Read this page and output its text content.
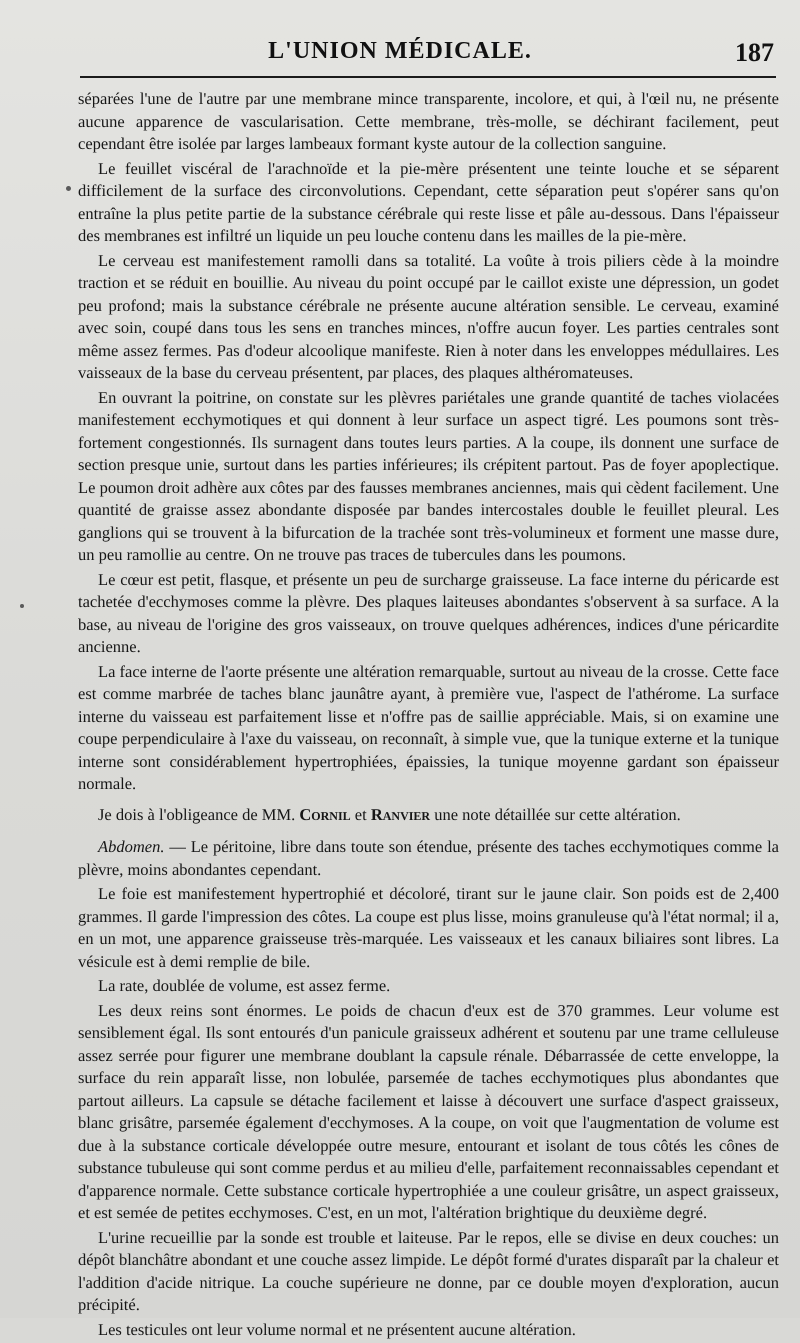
L'UNION MÉDICALE.	187

séparées l'une de l'autre par une membrane mince transparente, incolore, et qui, à l'œil nu, ne présente aucune apparence de vascularisation. Cette membrane, très-molle, se déchirant facilement, peut cependant être isolée par larges lambeaux formant kyste autour de la collection sanguine.

Le feuillet viscéral de l'arachnoïde et la pie-mère présentent une teinte louche et se séparent difficilement de la surface des circonvolutions. Cependant, cette séparation peut s'opérer sans qu'on entraîne la plus petite partie de la substance cérébrale qui reste lisse et pâle au-dessous. Dans l'épaisseur des membranes est infiltré un liquide un peu louche contenu dans les mailles de la pie-mère.

Le cerveau est manifestement ramolli dans sa totalité. La voûte à trois piliers cède à la moindre traction et se réduit en bouillie. Au niveau du point occupé par le caillot existe une dépression, un godet peu profond; mais la substance cérébrale ne présente aucune altération sensible. Le cerveau, examiné avec soin, coupé dans tous les sens en tranches minces, n'offre aucun foyer. Les parties centrales sont même assez fermes. Pas d'odeur alcoolique manifeste. Rien à noter dans les enveloppes médullaires. Les vaisseaux de la base du cerveau présentent, par places, des plaques althéromateuses.

En ouvrant la poitrine, on constate sur les plèvres pariétales une grande quantité de taches violacées manifestement ecchymotiques et qui donnent à leur surface un aspect tigré. Les poumons sont très-fortement congestionnés. Ils surnagent dans toutes leurs parties. A la coupe, ils donnent une surface de section presque unie, surtout dans les parties inférieures; ils crépitent partout. Pas de foyer apoplectique. Le poumon droit adhère aux côtes par des fausses membranes anciennes, mais qui cèdent facilement. Une quantité de graisse assez abondante disposée par bandes intercostales double le feuillet pleural. Les ganglions qui se trouvent à la bifurcation de la trachée sont très-volumineux et forment une masse dure, un peu ramollie au centre. On ne trouve pas traces de tubercules dans les poumons.

Le cœur est petit, flasque, et présente un peu de surcharge graisseuse. La face interne du péricarde est tachetée d'ecchymoses comme la plèvre. Des plaques laiteuses abondantes s'observent à sa surface. A la base, au niveau de l'origine des gros vaisseaux, on trouve quelques adhérences, indices d'une péricardite ancienne.

La face interne de l'aorte présente une altération remarquable, surtout au niveau de la crosse. Cette face est comme marbrée de taches blanc jaunâtre ayant, à première vue, l'aspect de l'athérome. La surface interne du vaisseau est parfaitement lisse et n'offre pas de saillie appréciable. Mais, si on examine une coupe perpendiculaire à l'axe du vaisseau, on reconnaît, à simple vue, que la tunique externe et la tunique interne sont considérablement hypertrophiées, épaissies, la tunique moyenne gardant son épaisseur normale.

Je dois à l'obligeance de MM. Cornil et Ranvier une note détaillée sur cette altération.

Abdomen. — Le péritoine, libre dans toute son étendue, présente des taches ecchymotiques comme la plèvre, moins abondantes cependant.

Le foie est manifestement hypertrophié et décoloré, tirant sur le jaune clair. Son poids est de 2,400 grammes. Il garde l'impression des côtes. La coupe est plus lisse, moins granuleuse qu'à l'état normal; il a, en un mot, une apparence graisseuse très-marquée. Les vaisseaux et les canaux biliaires sont libres. La vésicule est à demi remplie de bile.

La rate, doublée de volume, est assez ferme.

Les deux reins sont énormes. Le poids de chacun d'eux est de 370 grammes. Leur volume est sensiblement égal. Ils sont entourés d'un panicule graisseux adhérent et soutenu par une trame celluleuse assez serrée pour figurer une membrane doublant la capsule rénale. Débarrassée de cette enveloppe, la surface du rein apparaît lisse, non lobulée, parsemée de taches ecchymotiques plus abondantes que partout ailleurs. La capsule se détache facilement et laisse à découvert une surface d'aspect graisseux, blanc grisâtre, parsemée également d'ecchymoses. A la coupe, on voit que l'augmentation de volume est due à la substance corticale développée outre mesure, entourant et isolant de tous côtés les cônes de substance tubuleuse qui sont comme perdus et au milieu d'elle, parfaitement reconnaissables cependant et d'apparence normale. Cette substance corticale hypertrophiée a une couleur grisâtre, un aspect graisseux, et est semée de petites ecchymoses. C'est, en un mot, l'altération brightique du deuxième degré.

L'urine recueillie par la sonde est trouble et laiteuse. Par le repos, elle se divise en deux couches: un dépôt blanchâtre abondant et une couche assez limpide. Le dépôt formé d'urates disparaît par la chaleur et l'addition d'acide nitrique. La couche supérieure ne donne, par ce double moyen d'exploration, aucun précipité.

Les testicules ont leur volume normal et ne présentent aucune altération.
